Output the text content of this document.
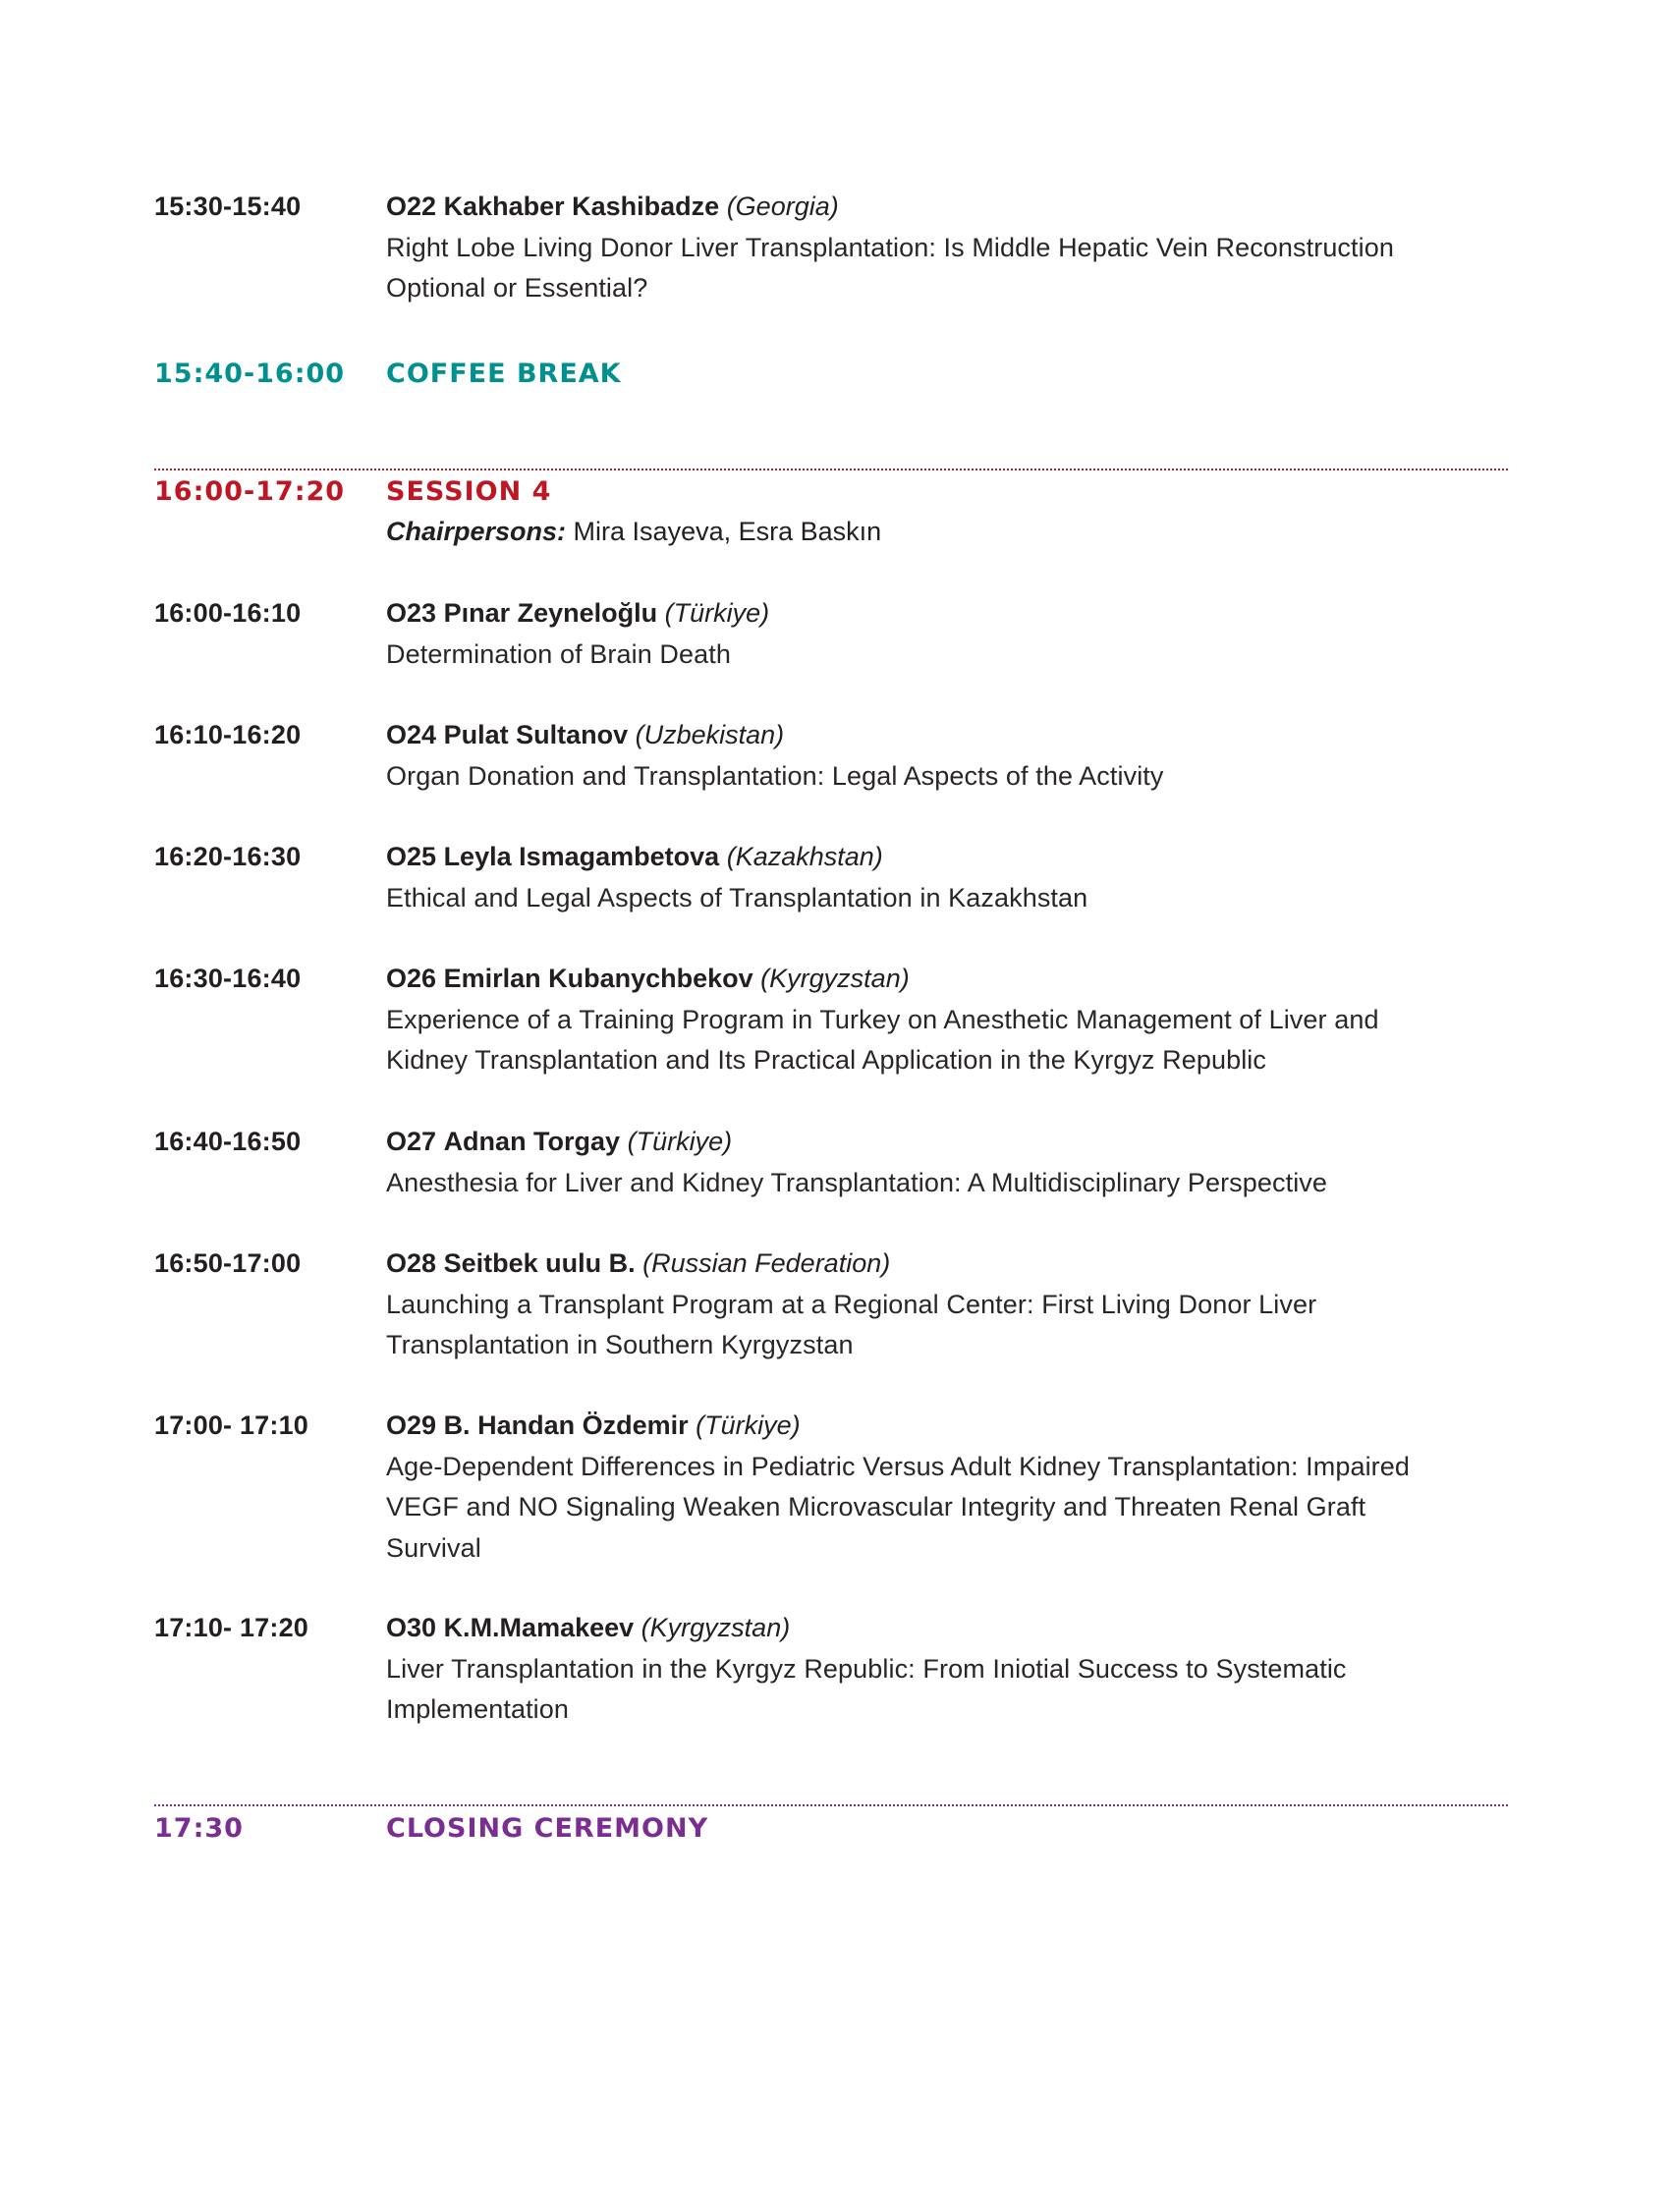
15:30-15:40	O22 Kakhaber Kashibadze (Georgia)
Right Lobe Living Donor Liver Transplantation: Is Middle Hepatic Vein Reconstruction
Optional or Essential?
15:40-16:00 COFFEE BREAK
16:00-17:20 SESSION 4
Chairpersons: Mira Isayeva, Esra Baskın
16:00-16:10	O23 Pınar Zeyneloğlu (Türkiye)
Determination of Brain Death
16:10-16:20	O24 Pulat Sultanov (Uzbekistan)
Organ Donation and Transplantation: Legal Aspects of the Activity
16:20-16:30	O25 Leyla Ismagambetova (Kazakhstan)
Ethical and Legal Aspects of Transplantation in Kazakhstan
16:30-16:40	O26 Emirlan Kubanychbekov (Kyrgyzstan)
Experience of a Training Program in Turkey on Anesthetic Management of Liver and
Kidney Transplantation and Its Practical Application in the Kyrgyz Republic
16:40-16:50	O27 Adnan Torgay (Türkiye)
Anesthesia for Liver and Kidney Transplantation: A Multidisciplinary Perspective
16:50-17:00	O28 Seitbek uulu B. (Russian Federation)
Launching a Transplant Program at a Regional Center: First Living Donor Liver
Transplantation in Southern Kyrgyzstan
17:00- 17:10	O29 B. Handan Özdemir (Türkiye)
Age-Dependent Differences in Pediatric Versus Adult Kidney Transplantation: Impaired
VEGF and NO Signaling Weaken Microvascular Integrity and Threaten Renal Graft
Survival
17:10- 17:20	O30 K.M.Mamakeev (Kyrgyzstan)
Liver Transplantation in the Kyrgyz Republic: From Iniotial Success to Systematic
Implementation
17:30	CLOSING CEREMONY
